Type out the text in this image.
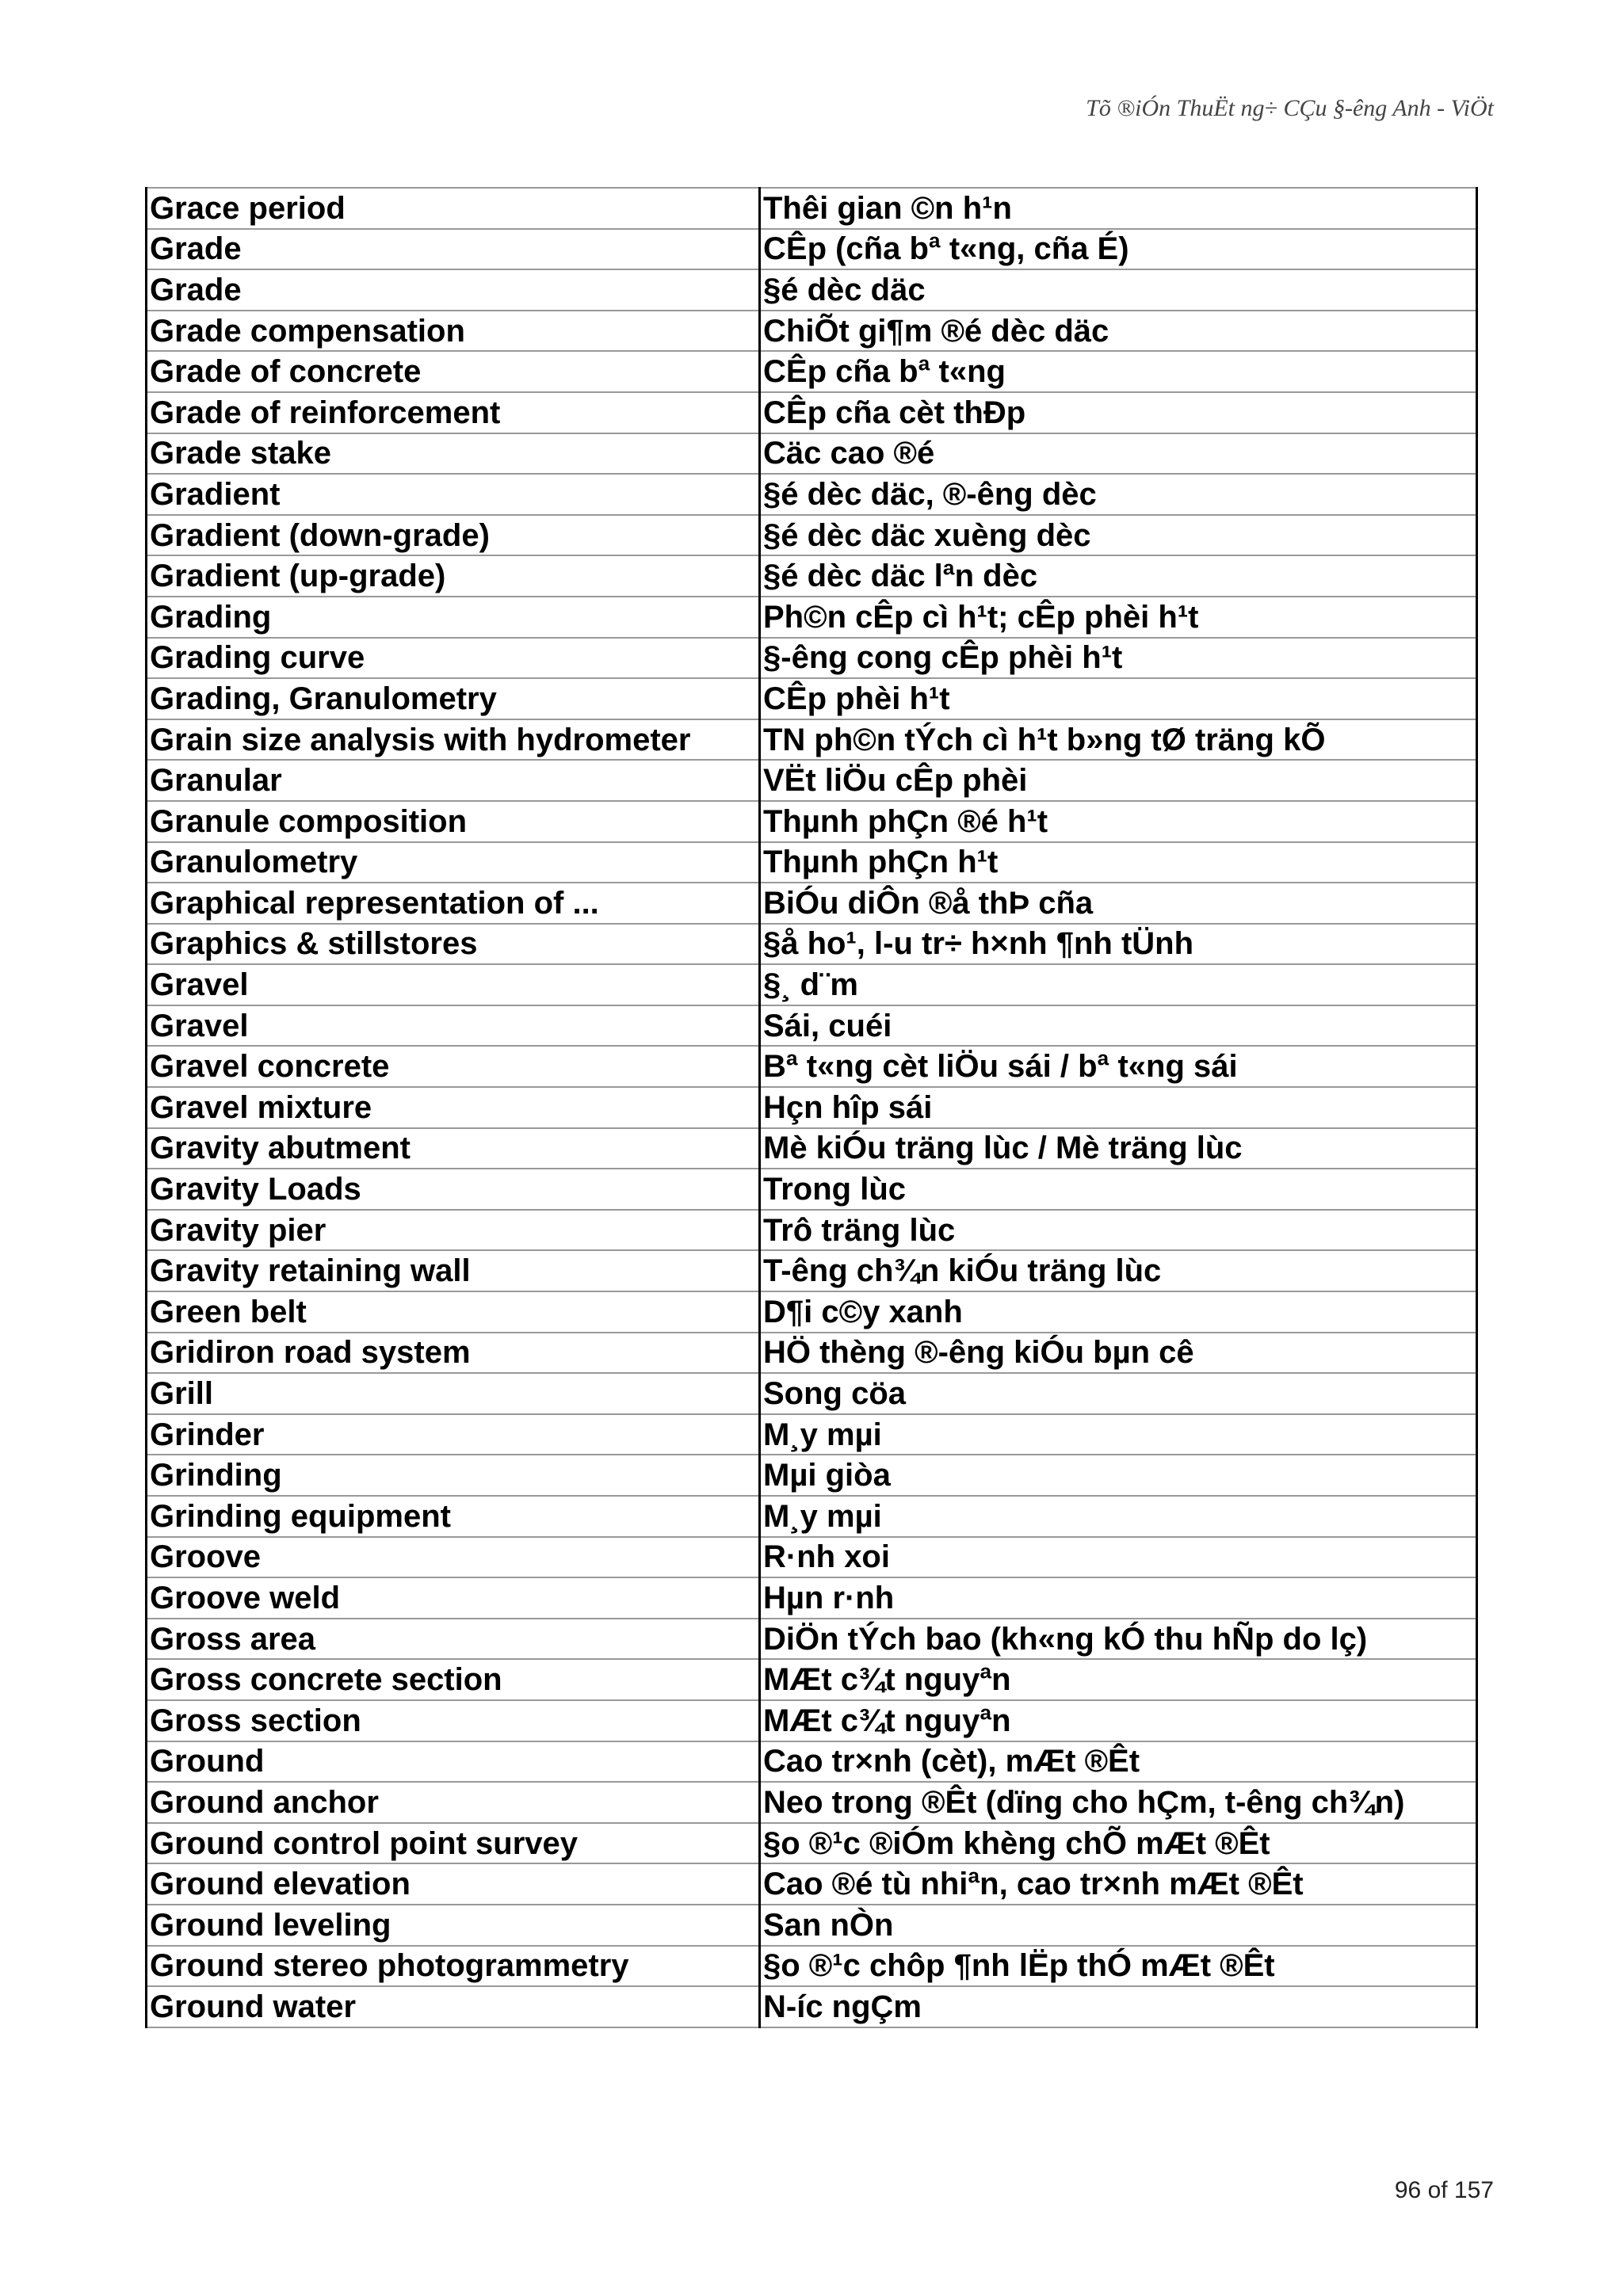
Tõ ®iÓn ThuËt ng÷ CÇu §-êng Anh - ViÖt
Grace period	Thêi gian ©n h¹n
Grade	CÊp (cña bª t«ng, cña É)
Grade	§é dèc däc
Grade compensation	ChiÕt gi¶m ®é dèc däc
Grade of concrete	CÊp cña bª t«ng
Grade of reinforcement	CÊp cña cèt thÐp
Grade stake	Cäc cao ®é
Gradient	§é dèc däc, ®-êng dèc
Gradient (down-grade)	§é dèc däc xuèng dèc
Gradient (up-grade)	§é dèc däc lªn dèc
Grading	Ph©n cÊp cì h¹t; cÊp phèi h¹t
Grading curve	§-êng cong cÊp phèi h¹t
Grading, Granulometry	CÊp phèi h¹t
Grain size analysis with hydrometer	TN ph©n tÝch cì h¹t b»ng tØ träng kÕ
Granular	VËt liÖu cÊp phèi
Granule composition	Thµnh phÇn ®é h¹t
Granulometry	Thµnh phÇn h¹t
Graphical representation of ...	BiÓu diÔn ®å thÞ cña
Graphics & stillstores	§å ho¹, l-u tr÷ h×nh ¶nh tÜnh
Gravel	§¸ d¨m
Gravel	Sái, cuéi
Gravel concrete	Bª t«ng cèt liÖu sái / bª t«ng sái
Gravel mixture	Hçn hîp sái
Gravity abutment	Mè kiÓu träng lùc / Mè träng lùc
Gravity Loads	Trong lùc
Gravity pier	Trô träng lùc
Gravity retaining wall	T-êng ch¾n kiÓu träng lùc
Green belt	D¶i c©y xanh
Gridiron road system	HÖ thèng ®-êng kiÓu bµn cê
Grill	Song cöa
Grinder	M¸y mµi
Grinding	Mµi giòa
Grinding equipment	M¸y mµi
Groove	R·nh xoi
Groove weld	Hµn r·nh
Gross area	DiÖn tÝch bao (kh«ng kÓ thu hÑp do lç)
Gross concrete section	MÆt c¾t nguyªn
Gross section	MÆt c¾t nguyªn
Ground	Cao tr×nh (cèt), mÆt ®Êt
Ground anchor	Neo trong ®Êt (dïng cho hÇm, t-êng ch¾n)
Ground control point survey	§o ®¹c ®iÓm khèng chÕ mÆt ®Êt
Ground elevation	Cao ®é tù nhiªn, cao tr×nh mÆt ®Êt
Ground leveling	San nÒn
Ground stereo photogrammetry	§o ®¹c chôp ¶nh lËp thÓ mÆt ®Êt
Ground water	N-íc ngÇm
96 of 157
